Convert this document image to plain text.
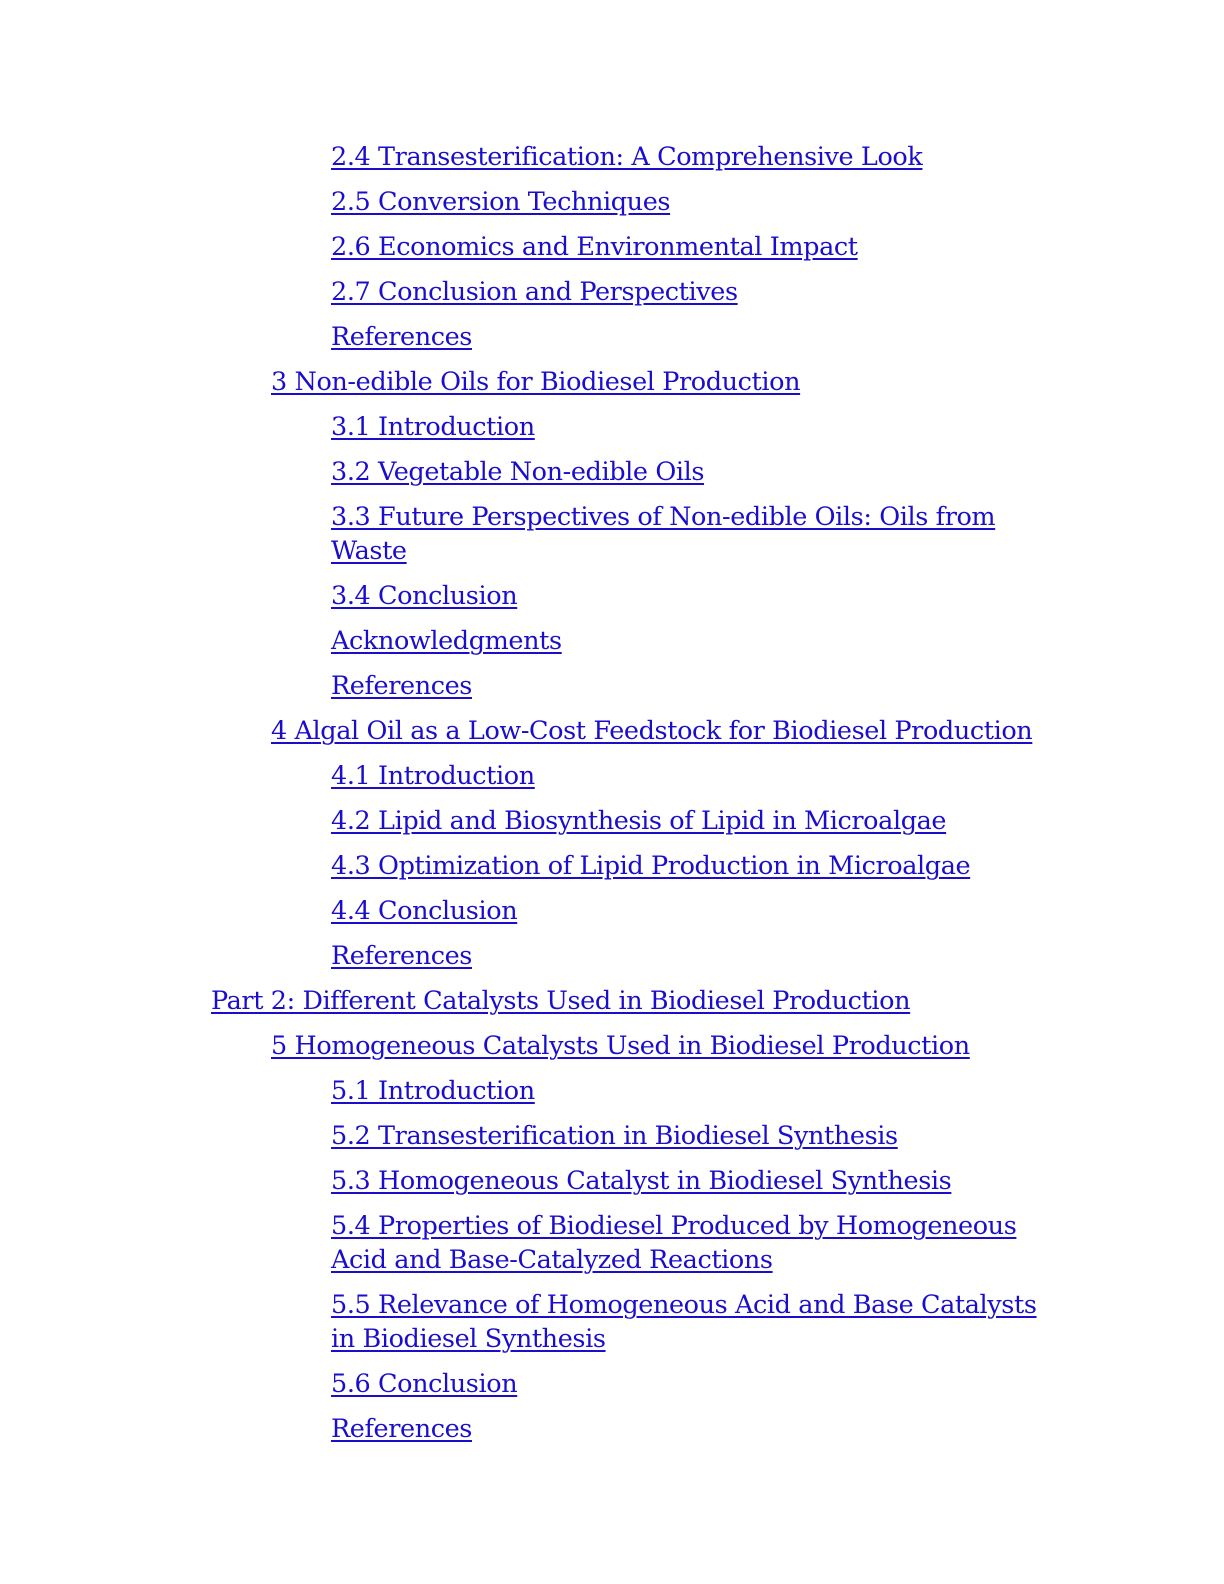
2.4 Transesterification: A Comprehensive Look
2.5 Conversion Techniques
2.6 Economics and Environmental Impact
2.7 Conclusion and Perspectives
References
3 Non-edible Oils for Biodiesel Production
3.1 Introduction
3.2 Vegetable Non-edible Oils
3.3 Future Perspectives of Non-edible Oils: Oils from Waste
3.4 Conclusion
Acknowledgments
References
4 Algal Oil as a Low-Cost Feedstock for Biodiesel Production
4.1 Introduction
4.2 Lipid and Biosynthesis of Lipid in Microalgae
4.3 Optimization of Lipid Production in Microalgae
4.4 Conclusion
References
Part 2: Different Catalysts Used in Biodiesel Production
5 Homogeneous Catalysts Used in Biodiesel Production
5.1 Introduction
5.2 Transesterification in Biodiesel Synthesis
5.3 Homogeneous Catalyst in Biodiesel Synthesis
5.4 Properties of Biodiesel Produced by Homogeneous Acid and Base-Catalyzed Reactions
5.5 Relevance of Homogeneous Acid and Base Catalysts in Biodiesel Synthesis
5.6 Conclusion
References
